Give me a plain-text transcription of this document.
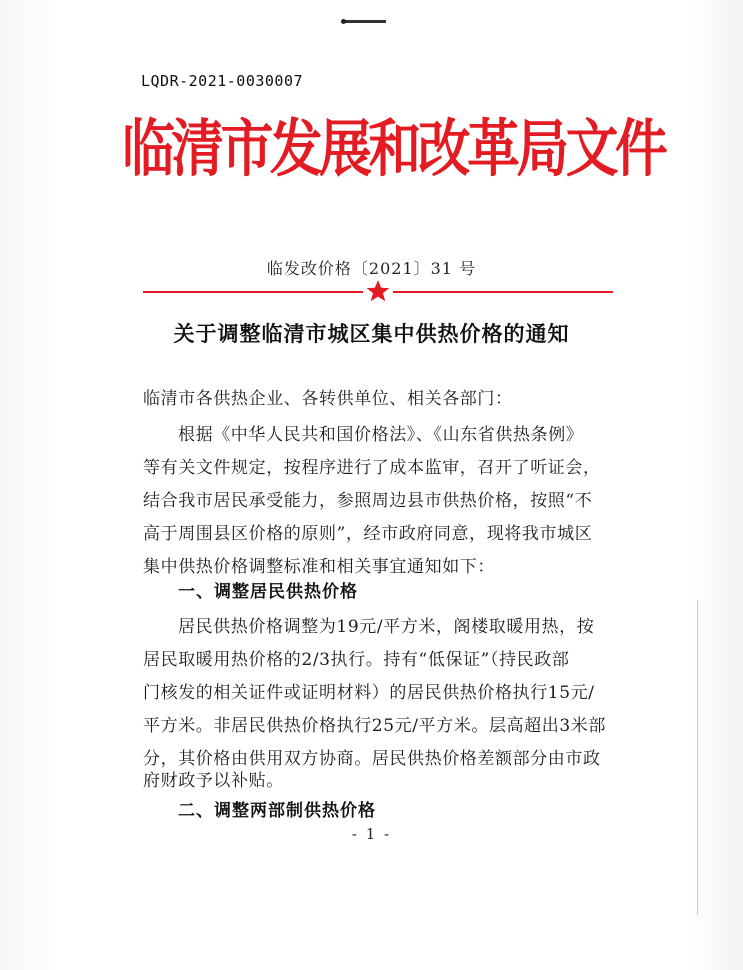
LQDR-2021-0030007
临清市发展和改革局文件
临发改价格〔2021〕31 号
关于调整临清市城区集中供热价格的通知
临清市各供热企业、各转供单位、相关各部门：
根据《中华人民共和国价格法》、《山东省供热条例》
等有关文件规定，按程序进行了成本监审，召开了听证会，
结合我市居民承受能力，参照周边县市供热价格，按照“不
高于周围县区价格的原则”，经市政府同意，现将我市城区
集中供热价格调整标准和相关事宜通知如下：
一、调整居民供热价格
居民供热价格调整为19元/平方米，阁楼取暖用热，按
居民取暖用热价格的2/3执行。持有“低保证”（持民政部
门核发的相关证件或证明材料）的居民供热价格执行15元/
平方米。非居民供热价格执行25元/平方米。层高超出3米部
分，其价格由供用双方协商。居民供热价格差额部分由市政
府财政予以补贴。
- 1 -
二、调整两部制供热价格
